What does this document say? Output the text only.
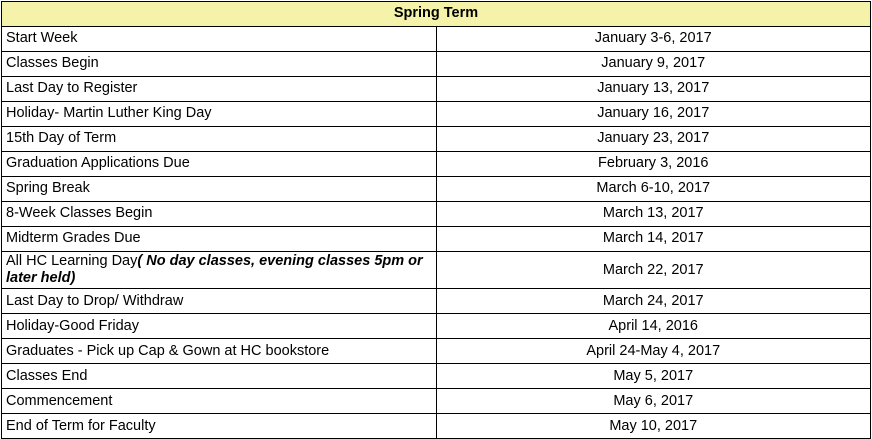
Spring Term	
Start Week	January 3-6, 2017
Classes Begin	January 9, 2017
Last Day to Register	January 13, 2017
Holiday- Martin Luther King Day	January 16, 2017
15th Day of Term	January 23, 2017
Graduation Applications Due	February 3, 2016
Spring Break	March 6-10, 2017
8-Week Classes Begin	March 13, 2017
Midterm Grades Due	March 14, 2017
All HC Learning Day( No day classes, evening classes 5pm or later held)	March 22, 2017
Last Day to Drop/ Withdraw	March 24, 2017
Holiday-Good Friday	April 14, 2016
Graduates - Pick up Cap & Gown at HC bookstore	April 24-May 4, 2017
Classes End	May 5, 2017
Commencement	May 6, 2017
End of Term for Faculty	May 10, 2017
